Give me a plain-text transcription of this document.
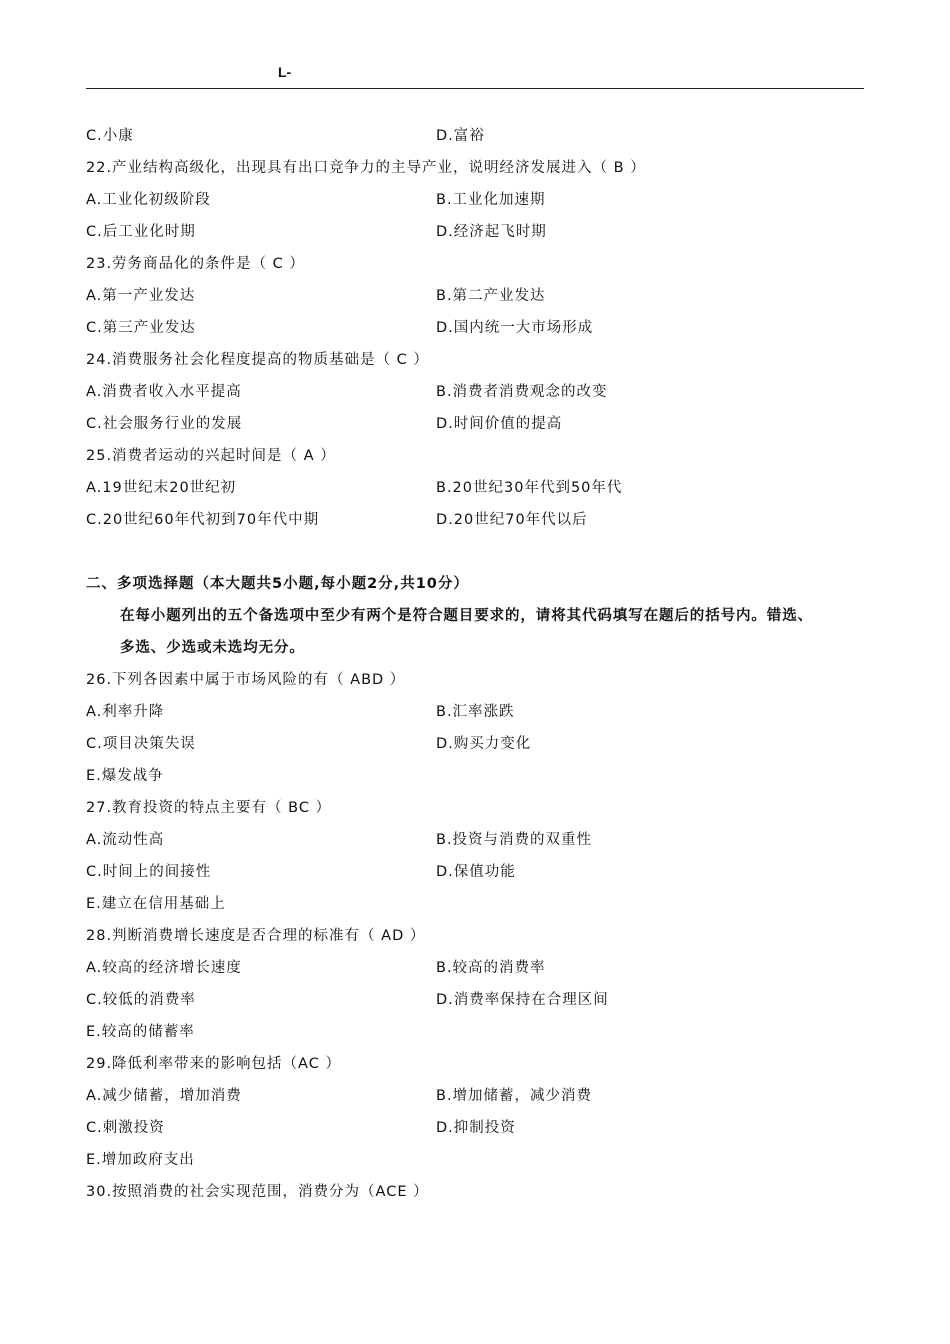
L-
C.小康	D.富裕
22.产业结构高级化，出现具有出口竞争力的主导产业，说明经济发展进入（ B ）
A.工业化初级阶段	B.工业化加速期
C.后工业化时期	D.经济起飞时期
23.劳务商品化的条件是（ C ）
A.第一产业发达	B.第二产业发达
C.第三产业发达	D.国内统一大市场形成
24.消费服务社会化程度提高的物质基础是（ C ）
A.消费者收入水平提高	B.消费者消费观念的改变
C.社会服务行业的发展	D.时间价值的提高
25.消费者运动的兴起时间是（ A ）
A.19世纪末20世纪初	B.20世纪30年代到50年代
C.20世纪60年代初到70年代中期	D.20世纪70年代以后
二、多项选择题（本大题共5小题,每小题2分,共10分）
在每小题列出的五个备选项中至少有两个是符合题目要求的，请将其代码填写在题后的括号内。错选、
多选、少选或未选均无分。
26.下列各因素中属于市场风险的有（ ABD ）
A.利率升降	B.汇率涨跌
C.项目决策失误	D.购买力变化
E.爆发战争
27.教育投资的特点主要有（ BC ）
A.流动性高	B.投资与消费的双重性
C.时间上的间接性	D.保值功能
E.建立在信用基础上
28.判断消费增长速度是否合理的标准有（ AD ）
A.较高的经济增长速度	B.较高的消费率
C.较低的消费率	D.消费率保持在合理区间
E.较高的储蓄率
29.降低利率带来的影响包括（AC ）
A.减少储蓄，增加消费	B.增加储蓄，减少消费
C.刺激投资	D.抑制投资
E.增加政府支出
30.按照消费的社会实现范围，消费分为（ACE ）
